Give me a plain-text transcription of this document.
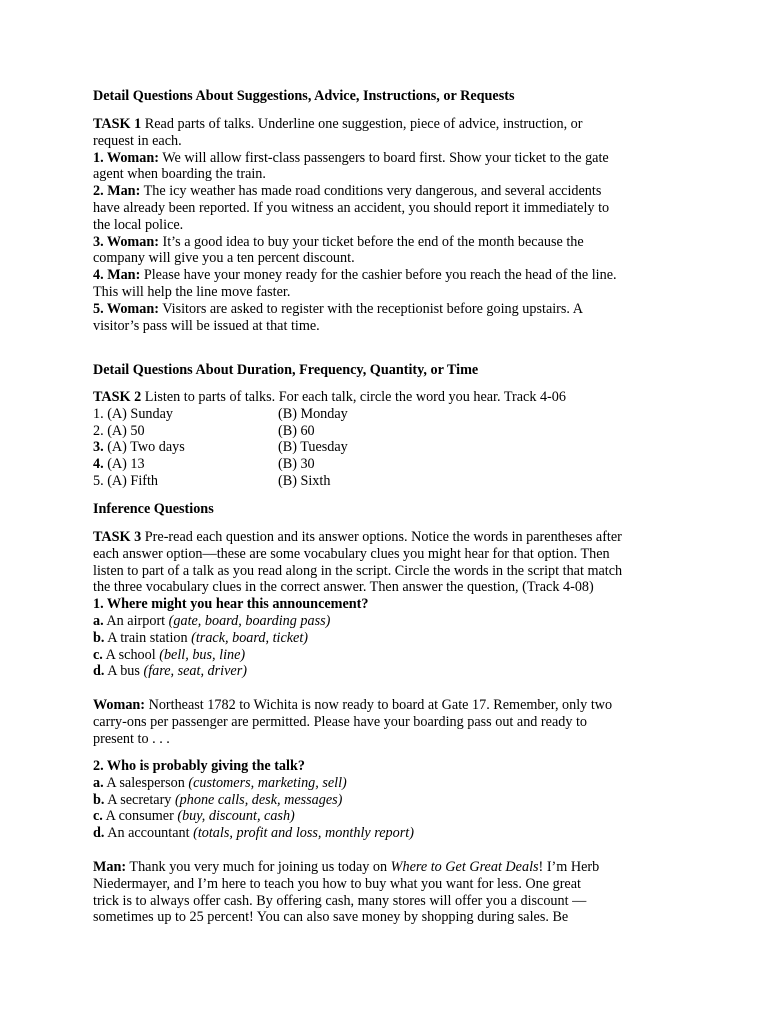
Detail Questions About Suggestions, Advice, Instructions, or Requests
TASK 1 Read parts of talks. Underline one suggestion, piece of advice, instruction, or
request in each.
1. Woman: We will allow first-class passengers to board first. Show your ticket to the gate
agent when boarding the train.
2. Man: The icy weather has made road conditions very dangerous, and several accidents
have already been reported. If you witness an accident, you should report it immediately to
the local police.
3. Woman: It’s a good idea to buy your ticket before the end of the month because the
company will give you a ten percent discount.
4. Man: Please have your money ready for the cashier before you reach the head of the line.
This will help the line move faster.
5. Woman: Visitors are asked to register with the receptionist before going upstairs. A
visitor’s pass will be issued at that time.
Detail Questions About Duration, Frequency, Quantity, or Time
TASK 2 Listen to parts of talks. For each talk, circle the word you hear. Track 4-06
1. (A) Sunday	(B) Monday
2. (A) 50	(B) 60
3. (A) Two days	(B) Tuesday
4. (A) 13	(B) 30
5. (A) Fifth	(B) Sixth
Inference Questions
TASK 3 Pre-read each question and its answer options. Notice the words in parentheses after
each answer option—these are some vocabulary clues you might hear for that option. Then
listen to part of a talk as you read along in the script. Circle the words in the script that match
the three vocabulary clues in the correct answer. Then answer the question, (Track 4-08)
1. Where might you hear this announcement?
a. An airport (gate, board, boarding pass)
b. A train station (track, board, ticket)
c. A school (bell, bus, line)
d. A bus (fare, seat, driver)
Woman: Northeast 1782 to Wichita is now ready to board at Gate 17. Remember, only two
carry-ons per passenger are permitted. Please have your boarding pass out and ready to
present to . . .
2. Who is probably giving the talk?
a. A salesperson (customers, marketing, sell)
b. A secretary (phone calls, desk, messages)
c. A consumer (buy, discount, cash)
d. An accountant (totals, profit and loss, monthly report)
Man: Thank you very much for joining us today on Where to Get Great Deals! I’m Herb
Niedermayer, and I’m here to teach you how to buy what you want for less. One great
trick is to always offer cash. By offering cash, many stores will offer you a discount —
sometimes up to 25 percent! You can also save money by shopping during sales. Be
